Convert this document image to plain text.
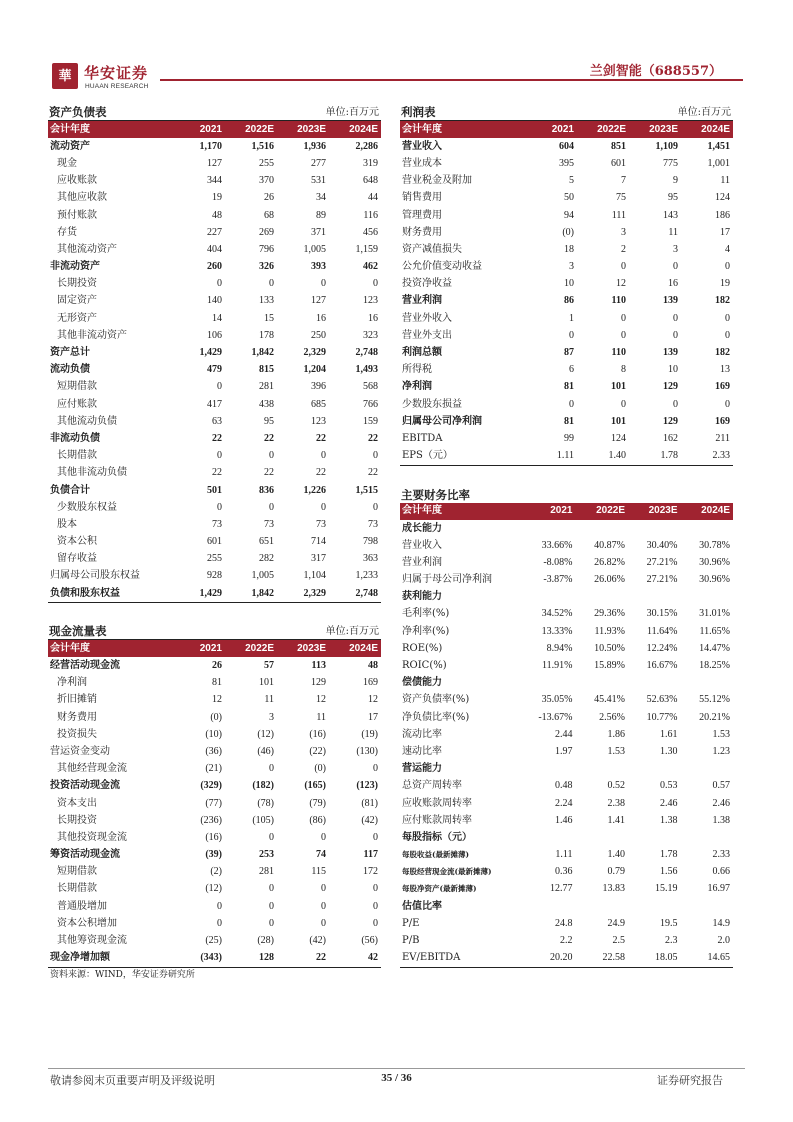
華 华安证券
HUAAN RESEARCH
兰剑智能（688557）
资产负债表	单位:百万元
会计年度	2021	2022E	2023E	2024E
流动资产	1,170	1,516	1,936	2,286
现金	127	255	277	319
应收账款	344	370	531	648
其他应收款	19	26	34	44
预付账款	48	68	89	116
存货	227	269	371	456
其他流动资产	404	796	1,005	1,159
非流动资产	260	326	393	462
长期投资	0	0	0	0
固定资产	140	133	127	123
无形资产	14	15	16	16
其他非流动资产	106	178	250	323
资产总计	1,429	1,842	2,329	2,748
流动负债	479	815	1,204	1,493
短期借款	0	281	396	568
应付账款	417	438	685	766
其他流动负债	63	95	123	159
非流动负债	22	22	22	22
长期借款	0	0	0	0
其他非流动负债	22	22	22	22
负债合计	501	836	1,226	1,515
少数股东权益	0	0	0	0
股本	73	73	73	73
资本公积	601	651	714	798
留存收益	255	282	317	363
归属母公司股东权益	928	1,005	1,104	1,233
负债和股东权益	1,429	1,842	2,329	2,748
现金流量表	单位:百万元
会计年度	2021	2022E	2023E	2024E
经营活动现金流	26	57	113	48
净利润	81	101	129	169
折旧摊销	12	11	12	12
财务费用	(0)	3	11	17
投资损失	(10)	(12)	(16)	(19)
营运资金变动	(36)	(46)	(22)	(130)
其他经营现金流	(21)	0	(0)	0
投资活动现金流	(329)	(182)	(165)	(123)
资本支出	(77)	(78)	(79)	(81)
长期投资	(236)	(105)	(86)	(42)
其他投资现金流	(16)	0	0	0
筹资活动现金流	(39)	253	74	117
短期借款	(2)	281	115	172
长期借款	(12)	0	0	0
普通股增加	0	0	0	0
资本公积增加	0	0	0	0
其他筹资现金流	(25)	(28)	(42)	(56)
现金净增加额	(343)	128	22	42
利润表	单位:百万元
会计年度	2021	2022E	2023E	2024E
营业收入	604	851	1,109	1,451
营业成本	395	601	775	1,001
营业税金及附加	5	7	9	11
销售费用	50	75	95	124
管理费用	94	111	143	186
财务费用	(0)	3	11	17
资产减值损失	18	2	3	4
公允价值变动收益	3	0	0	0
投资净收益	10	12	16	19
营业利润	86	110	139	182
营业外收入	1	0	0	0
营业外支出	0	0	0	0
利润总额	87	110	139	182
所得税	6	8	10	13
净利润	81	101	129	169
少数股东损益	0	0	0	0
归属母公司净利润	81	101	129	169
EBITDA	99	124	162	211
EPS（元）	1.11	1.40	1.78	2.33
主要财务比率
会计年度	2021	2022E	2023E	2024E
成长能力				
营业收入	33.66%	40.87%	30.40%	30.78%
营业利润	-8.08%	26.82%	27.21%	30.96%
归属于母公司净利润	-3.87%	26.06%	27.21%	30.96%
获利能力				
毛利率(%)	34.52%	29.36%	30.15%	31.01%
净利率(%)	13.33%	11.93%	11.64%	11.65%
ROE(%)	8.94%	10.50%	12.24%	14.47%
ROIC(%)	11.91%	15.89%	16.67%	18.25%
偿债能力				
资产负债率(%)	35.05%	45.41%	52.63%	55.12%
净负债比率(%)	-13.67%	2.56%	10.77%	20.21%
流动比率	2.44	1.86	1.61	1.53
速动比率	1.97	1.53	1.30	1.23
营运能力				
总资产周转率	0.48	0.52	0.53	0.57
应收账款周转率	2.24	2.38	2.46	2.46
应付账款周转率	1.46	1.41	1.38	1.38
每股指标（元）				
每股收益(最新摊薄)	1.11	1.40	1.78	2.33
每股经营现金流(最新摊薄)	0.36	0.79	1.56	0.66
每股净资产(最新摊薄)	12.77	13.83	15.19	16.97
估值比率				
P/E	24.8	24.9	19.5	14.9
P/B	2.2	2.5	2.3	2.0
EV/EBITDA	20.20	22.58	18.05	14.65
资料来源：WIND，华安证券研究所
敬请参阅末页重要声明及评级说明	35 / 36	证券研究报告
